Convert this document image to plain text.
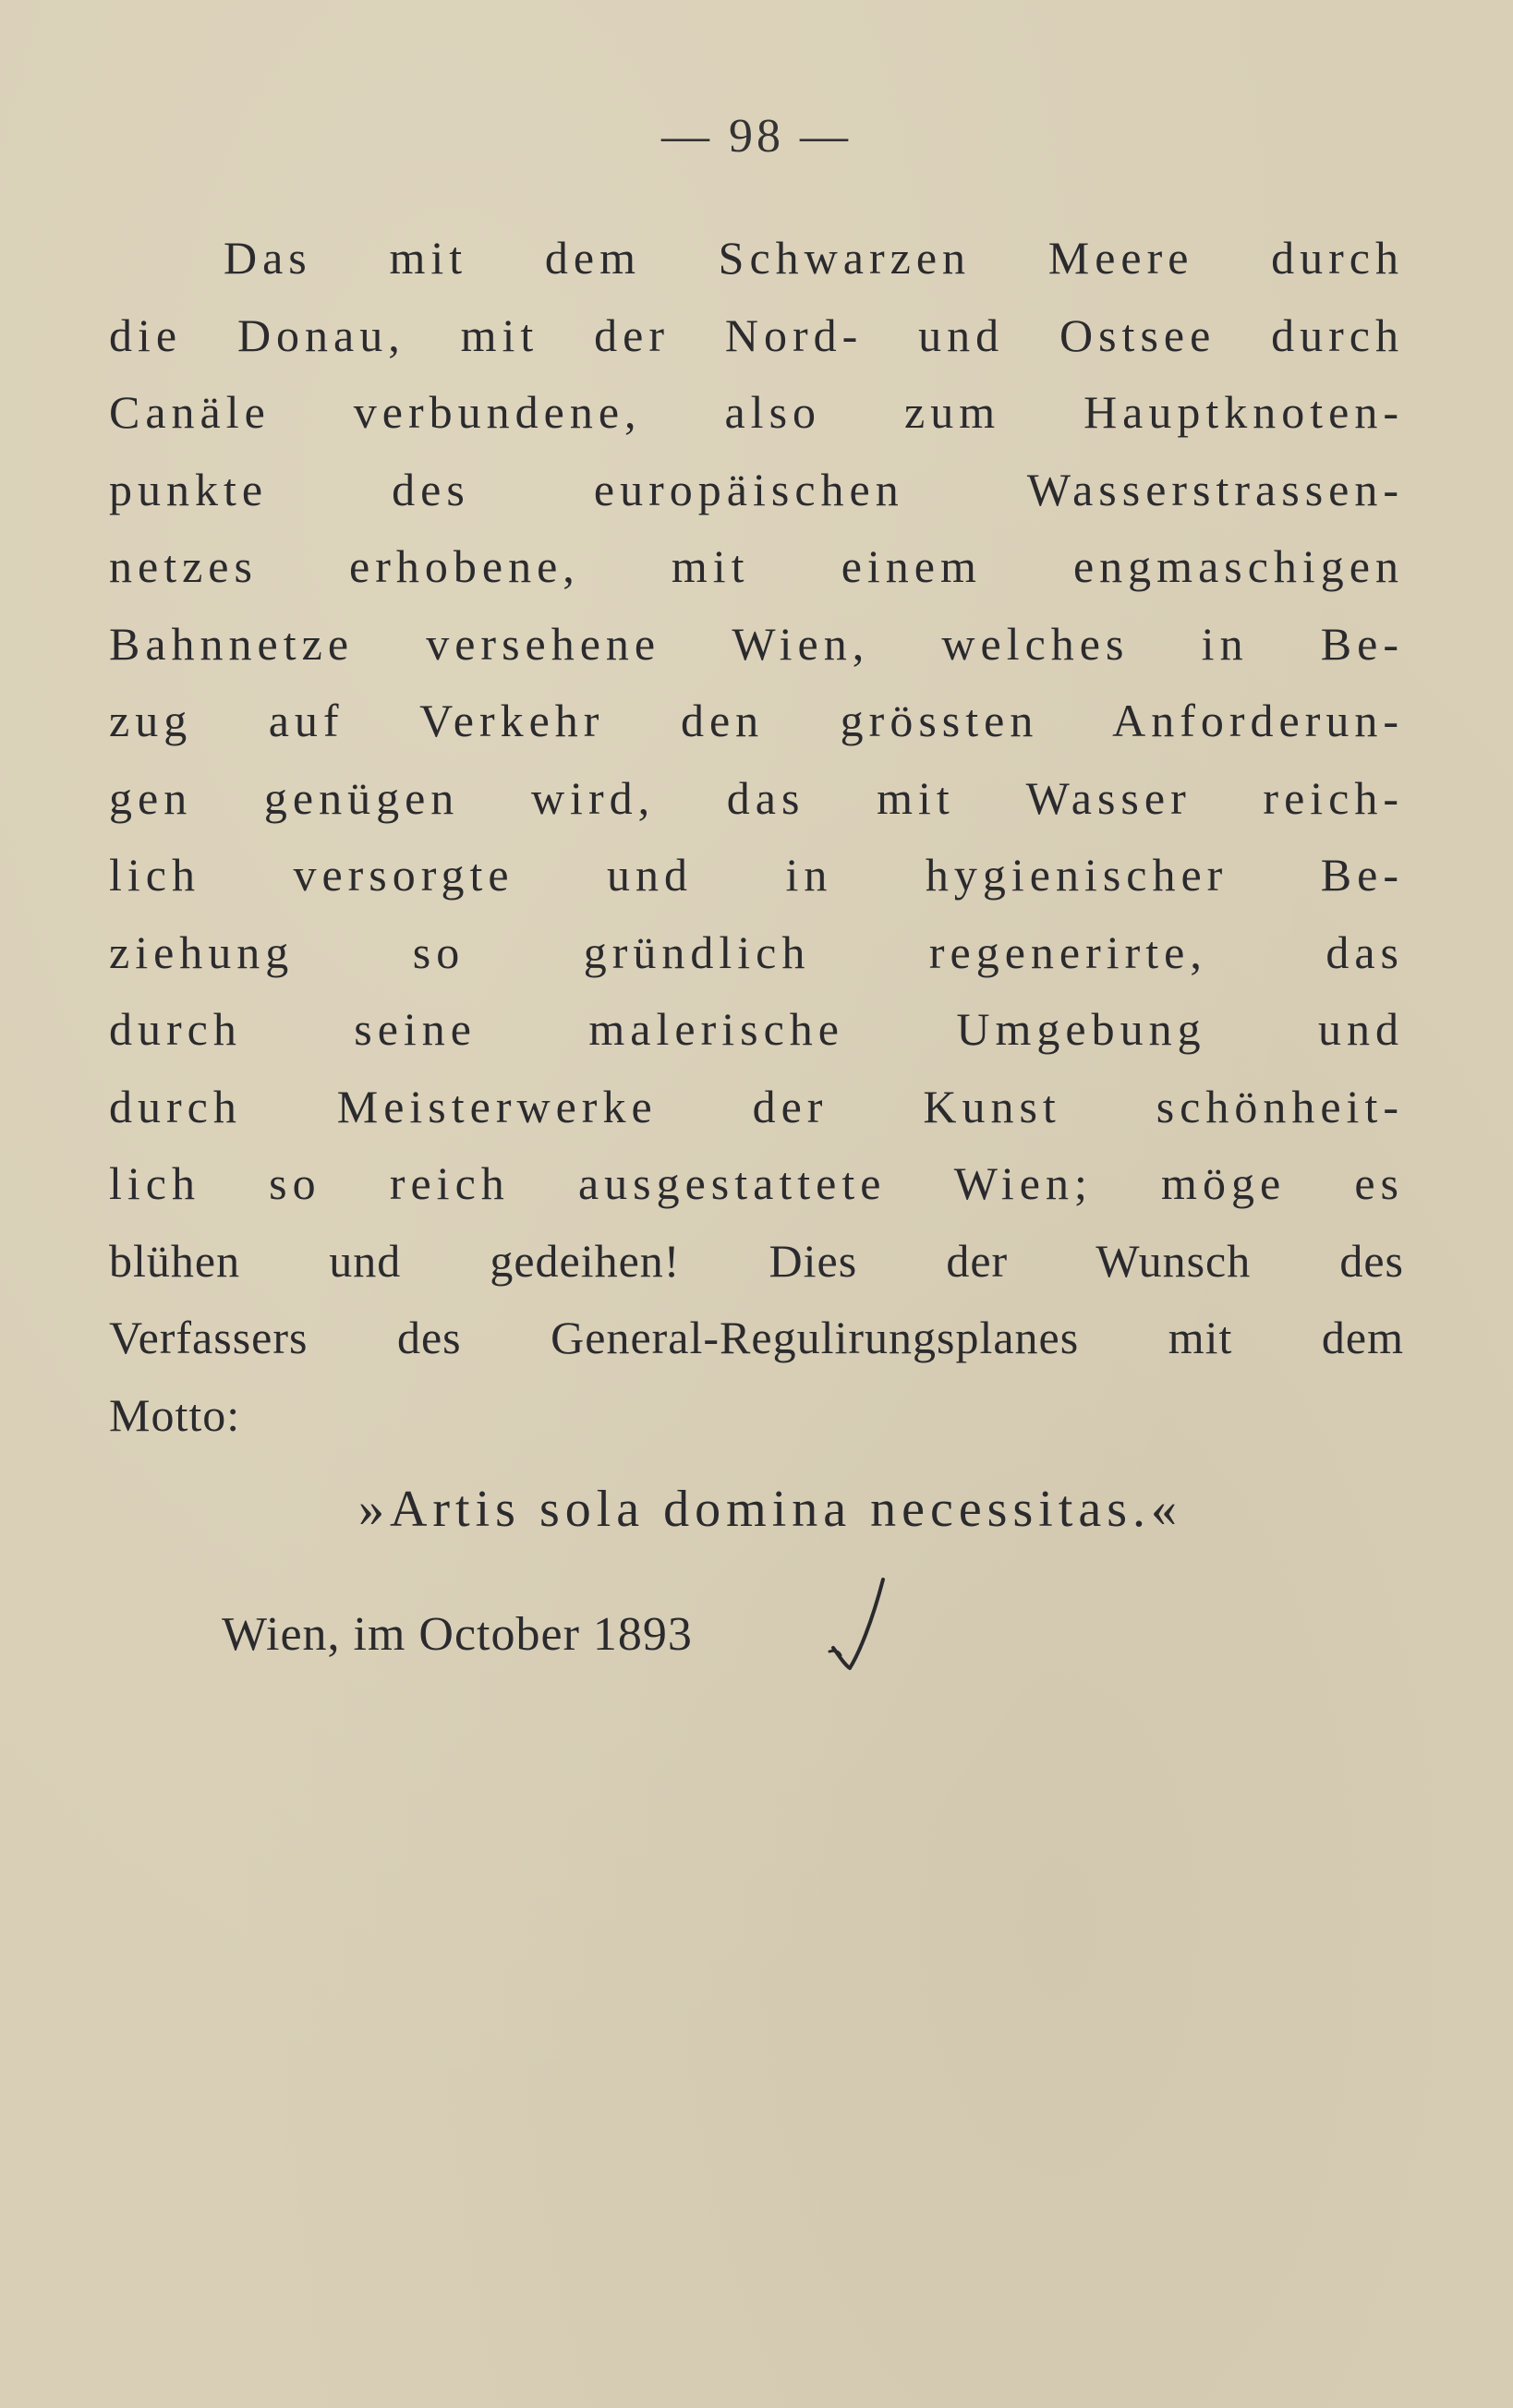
— 98 —
Das mit dem Schwarzen Meere durch
die Donau, mit der Nord- und Ostsee durch
Canäle verbundene, also zum Hauptknoten-
punkte des europäischen Wasserstrassen-
netzes erhobene, mit einem engmaschigen
Bahnnetze versehene Wien, welches in Be-
zug auf Verkehr den grössten Anforderun-
gen genügen wird, das mit Wasser reich-
lich versorgte und in hygienischer Be-
ziehung so gründlich regenerirte, das
durch seine malerische Umgebung und
durch Meisterwerke der Kunst schönheit-
lich so reich ausgestattete Wien; möge es
blühen und gedeihen! Dies der Wunsch des
Verfassers des General-Regulirungsplanes mit dem
Motto:
»Artis sola domina necessitas.«
Wien, im October 1893
